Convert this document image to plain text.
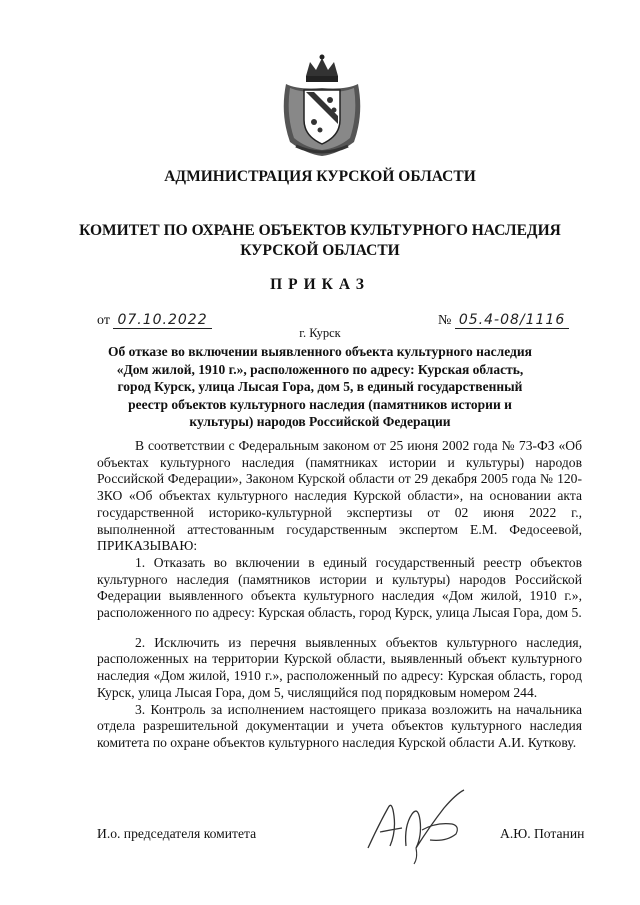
АДМИНИСТРАЦИЯ КУРСКОЙ ОБЛАСТИ
КОМИТЕТ ПО ОХРАНЕ ОБЪЕКТОВ КУЛЬТУРНОГО НАСЛЕДИЯ
КУРСКОЙ ОБЛАСТИ
ПРИКАЗ
от 07.10.2022	№ 05.4-08/1116
г. Курск
Об отказе во включении выявленного объекта культурного наследия «Дом жилой, 1910 г.», расположенного по адресу: Курская область, город Курск, улица Лысая Гора, дом 5, в единый государственный реестр объектов культурного наследия (памятников истории и культуры) народов Российской Федерации

В соответствии с Федеральным законом от 25 июня 2002 года № 73-ФЗ «Об объектах культурного наследия (памятниках истории и культуры) народов Российской Федерации», Законом Курской области от 29 декабря 2005 года № 120-ЗКО «Об объектах культурного наследия Курской области», на основании акта государственной историко-культурной экспертизы от 02 июня 2022 г., выполненной аттестованным государственным экспертом Е.М. Федосеевой, ПРИКАЗЫВАЮ:

1. Отказать во включении в единый государственный реестр объектов культурного наследия (памятников истории и культуры) народов Российской Федерации выявленного объекта культурного наследия «Дом жилой, 1910 г.», расположенного по адресу: Курская область, город Курск, улица Лысая Гора, дом 5.

2. Исключить из перечня выявленных объектов культурного наследия, расположенных на территории Курской области, выявленный объект культурного наследия «Дом жилой, 1910 г.», расположенный по адресу: Курская область, город Курск, улица Лысая Гора, дом 5, числящийся под порядковым номером 244.

3. Контроль за исполнением настоящего приказа возложить на начальника отдела разрешительной документации и учета объектов культурного наследия комитета по охране объектов культурного наследия Курской области А.И. Куткову.

И.о. председателя комитета	А.Ю. Потанин
